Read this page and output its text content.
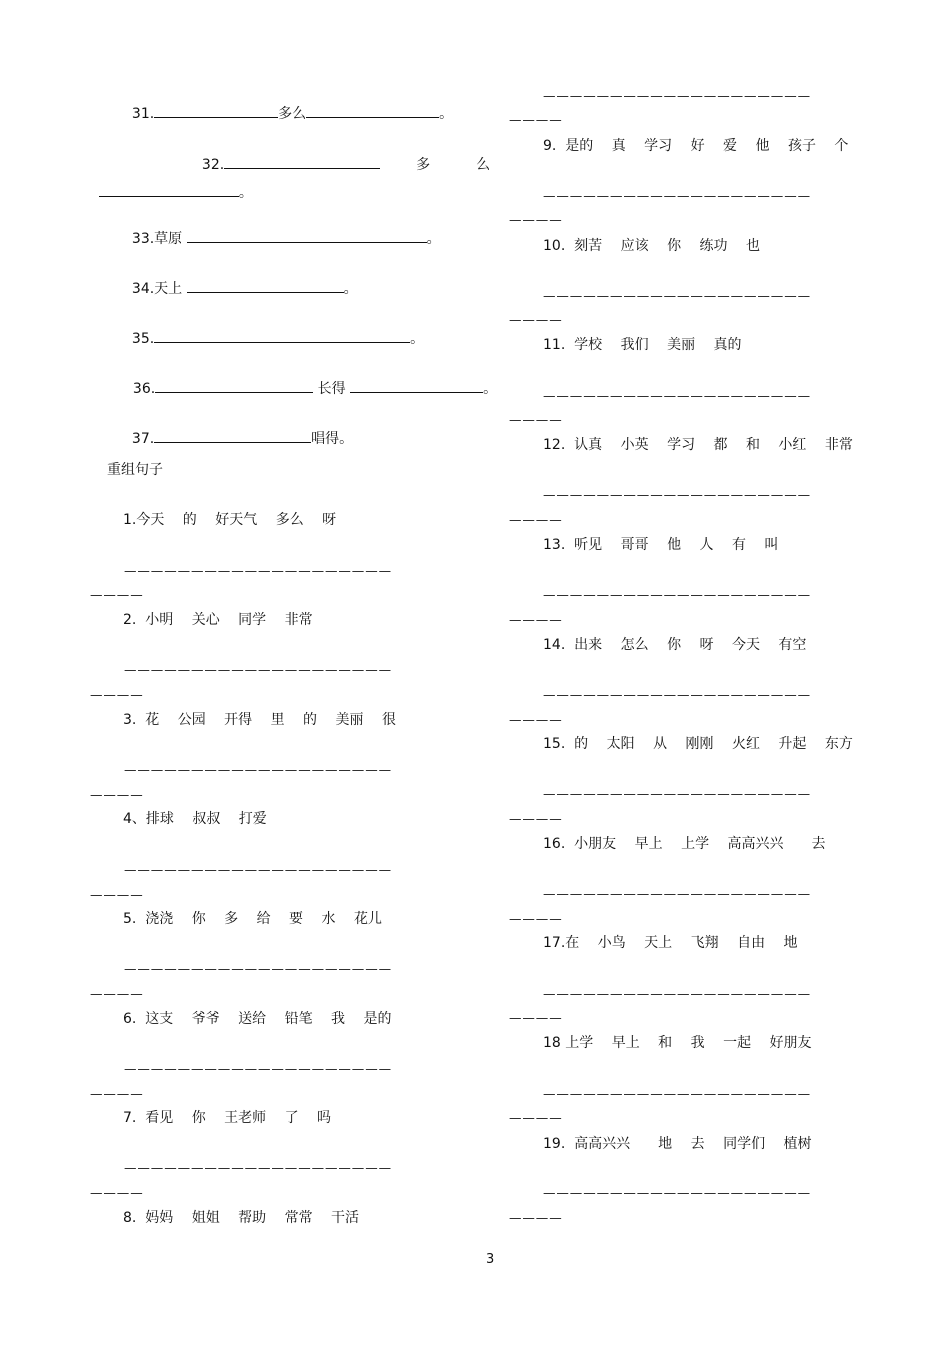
31.	多么	。

32.	多　　么

。

33.草原	。

34.天上	。

35.	。

36.	长得	。

37.	唱得。

重组句子
1.今天　 的　 好天气　 多么　 呀
————————————————————
————
2.  小明　 关心　 同学　 非常
————————————————————
————
3.  花　 公园　 开得　 里　 的　 美丽　 很
————————————————————
————
4、排球　 叔叔　 打爱
————————————————————
————
5.  浇浇　 你　 多　 给　 要　 水　 花儿
————————————————————
————
6.  这支　 爷爷　 送给　 铅笔　 我　 是的
————————————————————
————
7.  看见　 你　 王老师　 了　 吗
————————————————————
————
8.  妈妈　 姐姐　 帮助　 常常　 干活
————————————————————
————
9.  是的　 真　 学习　 好　 爱　 他　 孩子　 个
————————————————————
————
10.  刻苦　 应该　 你　 练功　 也
————————————————————
————
11.  学校　 我们　 美丽　 真的
————————————————————
————
12.  认真　 小英　 学习　 都　 和　 小红　 非常
————————————————————
————
13.  听见　 哥哥　 他　 人　 有　 叫
————————————————————
————
14.  出来　 怎么　 你　 呀　 今天　 有空
————————————————————
————
15.  的　 太阳　 从　 刚刚　 火红　 升起　 东方
————————————————————
————
16.  小朋友　 早上　 上学　 高高兴兴　　去
————————————————————
————
17.在　 小鸟　 天上　 飞翔　 自由　 地
————————————————————
————
18 上学　 早上　 和　 我　 一起　 好朋友
————————————————————
————
19.  高高兴兴　　地　 去　 同学们　 植树
————————————————————
————
3
